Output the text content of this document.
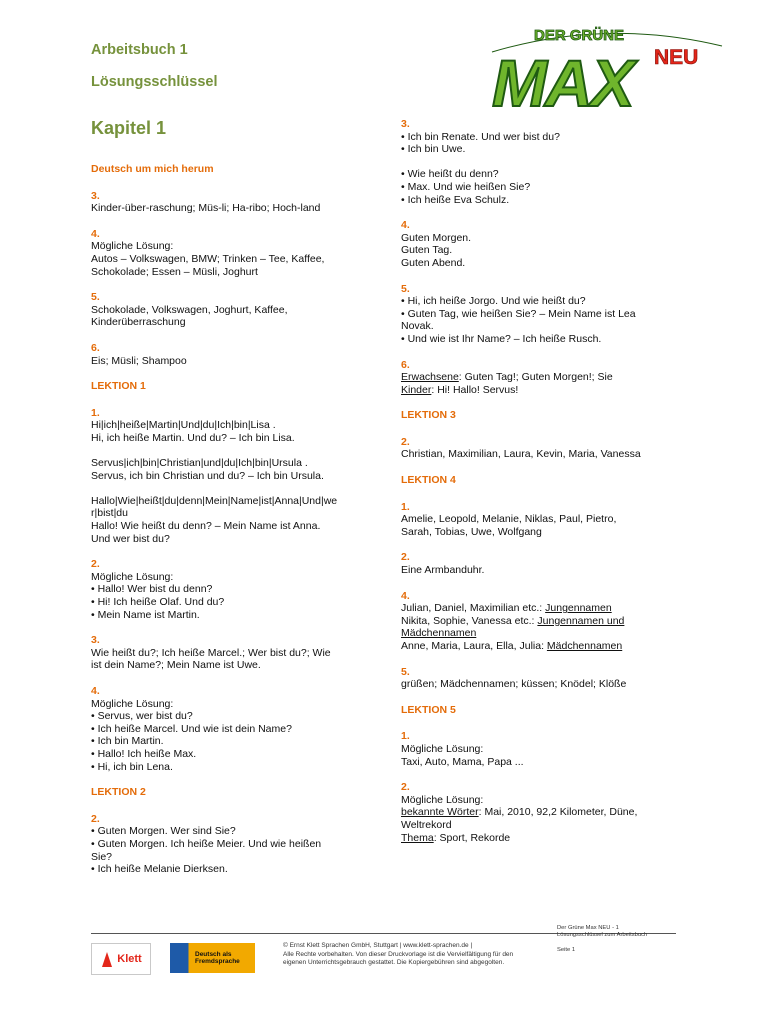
Arbeitsbuch 1
Lösungsschlüssel
Kapitel 1
DER GRÜNE
MAX NEU
Deutsch um mich herum
3.
Kinder-über-raschung; Müs-li; Ha-ribo; Hoch-land
4.
Mögliche Lösung:
Autos – Volkswagen, BMW; Trinken – Tee, Kaffee,
Schokolade; Essen – Müsli, Joghurt
5.
Schokolade, Volkswagen, Joghurt, Kaffee,
Kinderüberraschung
6.
Eis; Müsli; Shampoo
LEKTION 1
1.
Hi|ich|heiße|Martin|Und|du|Ich|bin|Lisa .
Hi, ich heiße Martin. Und du? – Ich bin Lisa.
Servus|ich|bin|Christian|und|du|Ich|bin|Ursula .
Servus, ich bin Christian und du? – Ich bin Ursula.
Hallo|Wie|heißt|du|denn|Mein|Name|ist|Anna|Und|we
r|bist|du
Hallo! Wie heißt du denn? – Mein Name ist Anna.
Und wer bist du?
2.
Mögliche Lösung:
• Hallo! Wer bist du denn?
• Hi! Ich heiße Olaf. Und du?
• Mein Name ist Martin.
3.
Wie heißt du?; Ich heiße Marcel.; Wer bist du?; Wie
ist dein Name?; Mein Name ist Uwe.
4.
Mögliche Lösung:
• Servus, wer bist du?
• Ich heiße Marcel. Und wie ist dein Name?
• Ich bin Martin.
• Hallo! Ich heiße Max.
• Hi, ich bin Lena.
LEKTION 2
2.
• Guten Morgen. Wer sind Sie?
• Guten Morgen. Ich heiße Meier. Und wie heißen
Sie?
• Ich heiße Melanie Dierksen.
3.
• Ich bin Renate. Und wer bist du?
• Ich bin Uwe.
• Wie heißt du denn?
• Max. Und wie heißen Sie?
• Ich heiße Eva Schulz.
4.
Guten Morgen.
Guten Tag.
Guten Abend.
5.
• Hi, ich heiße Jorgo. Und wie heißt du?
• Guten Tag, wie heißen Sie? – Mein Name ist Lea
Novak.
• Und wie ist Ihr Name? – Ich heiße Rusch.
6.
Erwachsene: Guten Tag!; Guten Morgen!; Sie
Kinder: Hi! Hallo! Servus!
LEKTION 3
2.
Christian, Maximilian, Laura, Kevin, Maria, Vanessa
LEKTION 4
1.
Amelie, Leopold, Melanie, Niklas, Paul, Pietro,
Sarah, Tobias, Uwe, Wolfgang
2.
Eine Armbanduhr.
4.
Julian, Daniel, Maximilian etc.: Jungennamen
Nikita, Sophie, Vanessa etc.: Jungennamen und
Mädchennamen
Anne, Maria, Laura, Ella, Julia: Mädchennamen
5.
grüßen; Mädchennamen; küssen; Knödel; Klöße
LEKTION 5
1.
Mögliche Lösung:
Taxi, Auto, Mama, Papa ...
2.
Mögliche Lösung:
bekannte Wörter: Mai, 2010, 92,2 Kilometer, Düne,
Weltrekord
Thema: Sport, Rekorde
Klett	Deutsch als Fremdsprache
© Ernst Klett Sprachen GmbH, Stuttgart | www.klett-sprachen.de |
Alle Rechte vorbehalten. Von dieser Druckvorlage ist die Vervielfältigung für den
eigenen Unterrichtsgebrauch gestattet. Die Kopiergebühren sind abgegolten.
Der Grüne Max NEU - 1
Lösungsschlüssel zum Arbeitsbuch
Seite 1
